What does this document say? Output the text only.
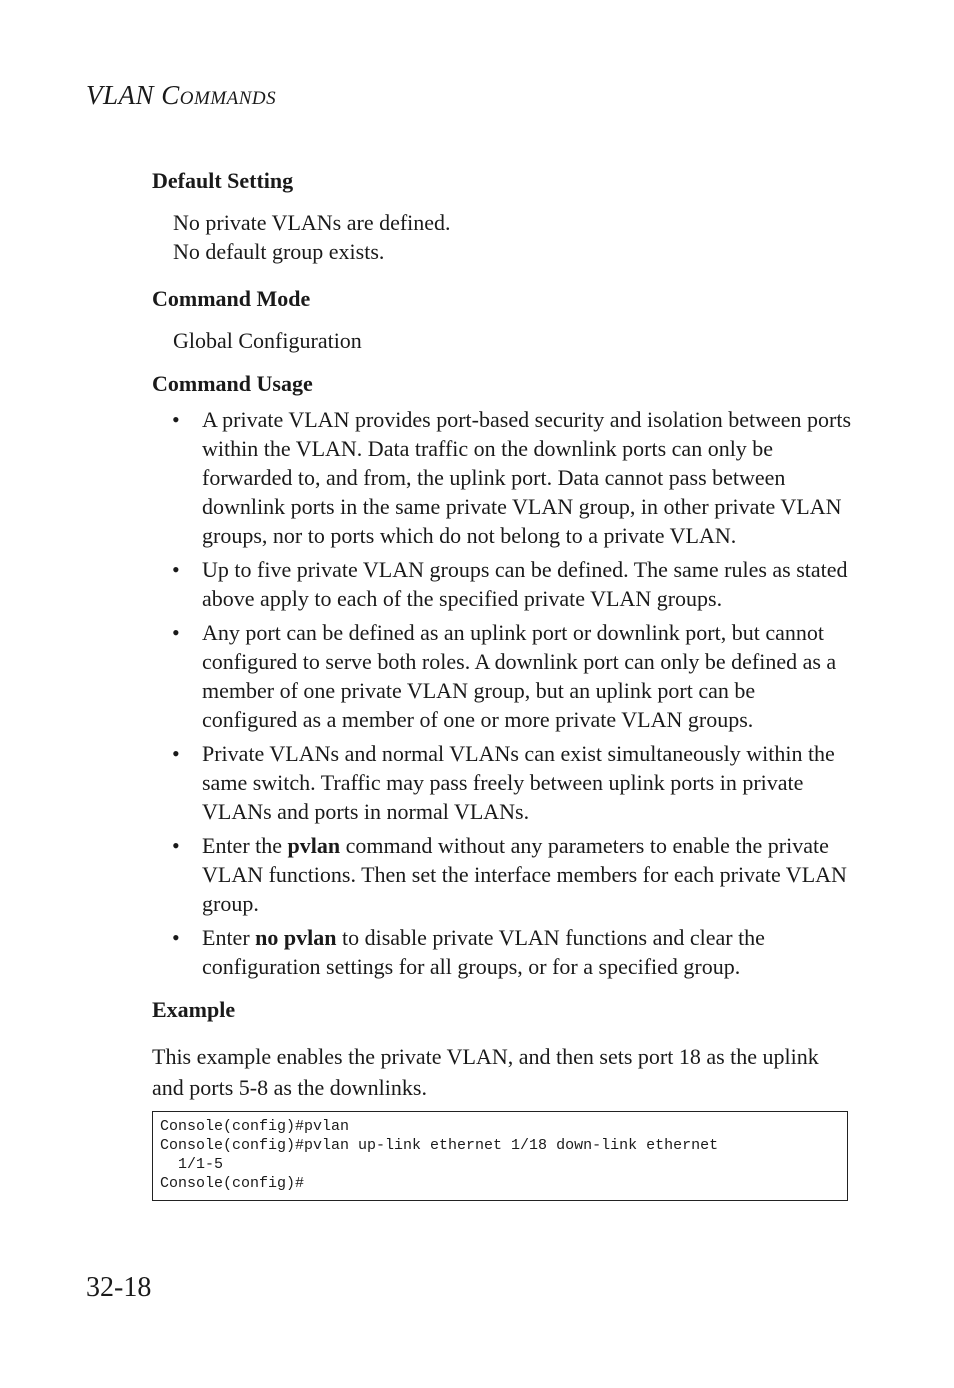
VLAN COMMANDS
Default Setting
No private VLANs are defined.
No default group exists.
Command Mode
Global Configuration
Command Usage
• A private VLAN provides port-based security and isolation between ports within the VLAN. Data traffic on the downlink ports can only be forwarded to, and from, the uplink port. Data cannot pass between downlink ports in the same private VLAN group, in other private VLAN groups, nor to ports which do not belong to a private VLAN.
• Up to five private VLAN groups can be defined. The same rules as stated above apply to each of the specified private VLAN groups.
• Any port can be defined as an uplink port or downlink port, but cannot configured to serve both roles. A downlink port can only be defined as a member of one private VLAN group, but an uplink port can be configured as a member of one or more private VLAN groups.
• Private VLANs and normal VLANs can exist simultaneously within the same switch. Traffic may pass freely between uplink ports in private VLANs and ports in normal VLANs.
• Enter the pvlan command without any parameters to enable the private VLAN functions. Then set the interface members for each private VLAN group.
• Enter no pvlan to disable private VLAN functions and clear the configuration settings for all groups, or for a specified group.
Example
This example enables the private VLAN, and then sets port 18 as the uplink and ports 5-8 as the downlinks.
Console(config)#pvlan
Console(config)#pvlan up-link ethernet 1/18 down-link ethernet
1/1-5
Console(config)#
32-18
